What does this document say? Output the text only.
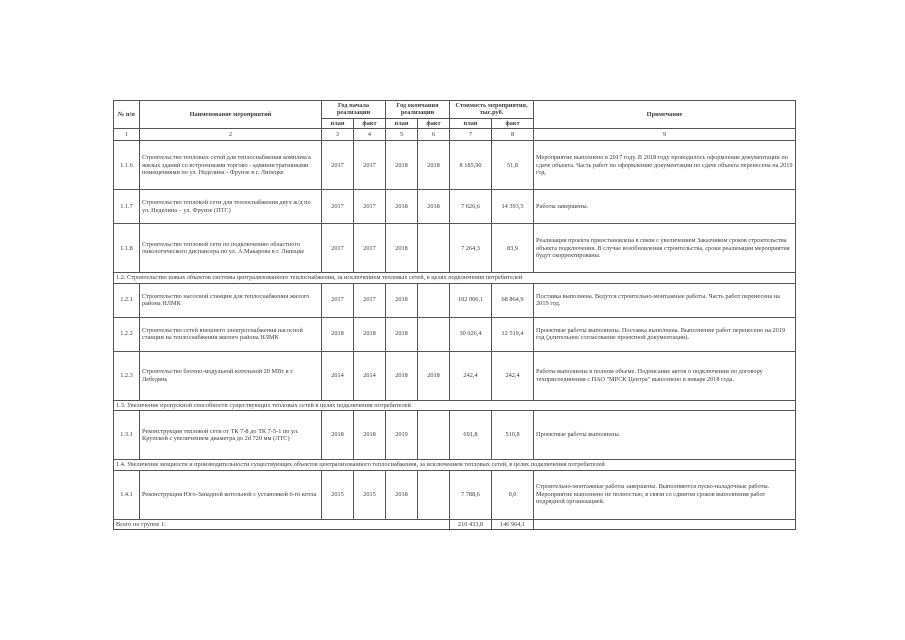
№ п/п	Наименование мероприятий	Год начала реализации		Год окончания реализации		Стоимость мероприятия, тыс.руб.		Примечание
		план	факт	план	факт	план	факт	
1	2	3	4	5	6	7	8	9
1.1.6	Строительство тепловых сетей для теплоснабжения комплекса жилых зданий со встроенными торгово - административными помещениями по ул. Неделина - Фрунзе в г. Липецке	2017	2017	2018	2018	8 185,90	51,8	Мероприятие выполнено в 2017 году. В 2018 году проводилось оформление документации по сдаче объекта. Часть работ по оформлению документации по сдаче объекта перенесена на 2019 год.
1.1.7	Строительство тепловой сети для теплоснабжения двух ж/д по ул. Неделина – ул. Фрунзе (ПТС)	2017	2017	2018	2018	7 626,6	14 393,5	Работы завершены.
1.1.8	Строительство тепловой сети по подключению областного онкологического диспансера по ул. А.Макарова в г. Липецке	2017	2017	2018		7 264,3	83,9	Реализация проекта приостановлена в связи с увеличением Заказчиком сроков строительства объекта подключения. В случае возобновления строительства, сроки реализации мероприятия будут скорректированы.
1.2. Строительство новых объектов системы централизованного теплоснабжения, за исключением тепловых сетей, в целях подключения потребителей								
1.2.1	Строительство насосной станции для теплоснабжения жилого района НЛМК	2017	2017	2018		102 006,1	68 864,9	Поставка выполнена. Ведутся строительно-монтажные работы. Часть работ перенесена на 2019 год.
1.2.2	Строительство сетей внешнего электроснабжения насосной станции на теплоснабжения жилого района НЛМК	2018	2018	2018		30 026,4	12 519,4	Проектные работы выполнены. Поставка выполнена. Выполнение работ перенесено на 2019 год (длительное согласование проектной документации).
1.2.3	Строительство блочно-модульной котельной 20 МВт в г. Лебедянь	2014	2014	2018	2018	242,4	242,4	Работы выполнены в полном объеме. Подписание актов о подключении по договору техприсоединения с ПАО "МРСК Центра" выполнено в январе 2018 года.
1.3. Увеличение пропускной способности существующих тепловых сетей в целях подключения потребителей								
1.3.1	Реконструкция тепловой сети от ТК 7-8 до ТК 7-5-1 по ул. Крупской с увеличением диаметра до 2d 720 мм (ЛТС)	2018	2018	2019		691,8	510,8	Проектные работы выполнены.
1.4. Увеличение мощности и производительности существующих объектов централизованного теплоснабжения, за исключением тепловых сетей, в целях подключения потребителей								
1.4.1	Реконструкция Юго-Западной котельной с установкой 6-го котла	2015	2015	2018		7 788,6	0,0	Строительно-монтажные работы завершены. Выполняются пуско-наладочные работы. Мероприятие выполнено не полностью, в связи со сдвигом сроков выполнения работ подрядной организацией.
Всего по группе 1:						210 433,8	146 964,1	
